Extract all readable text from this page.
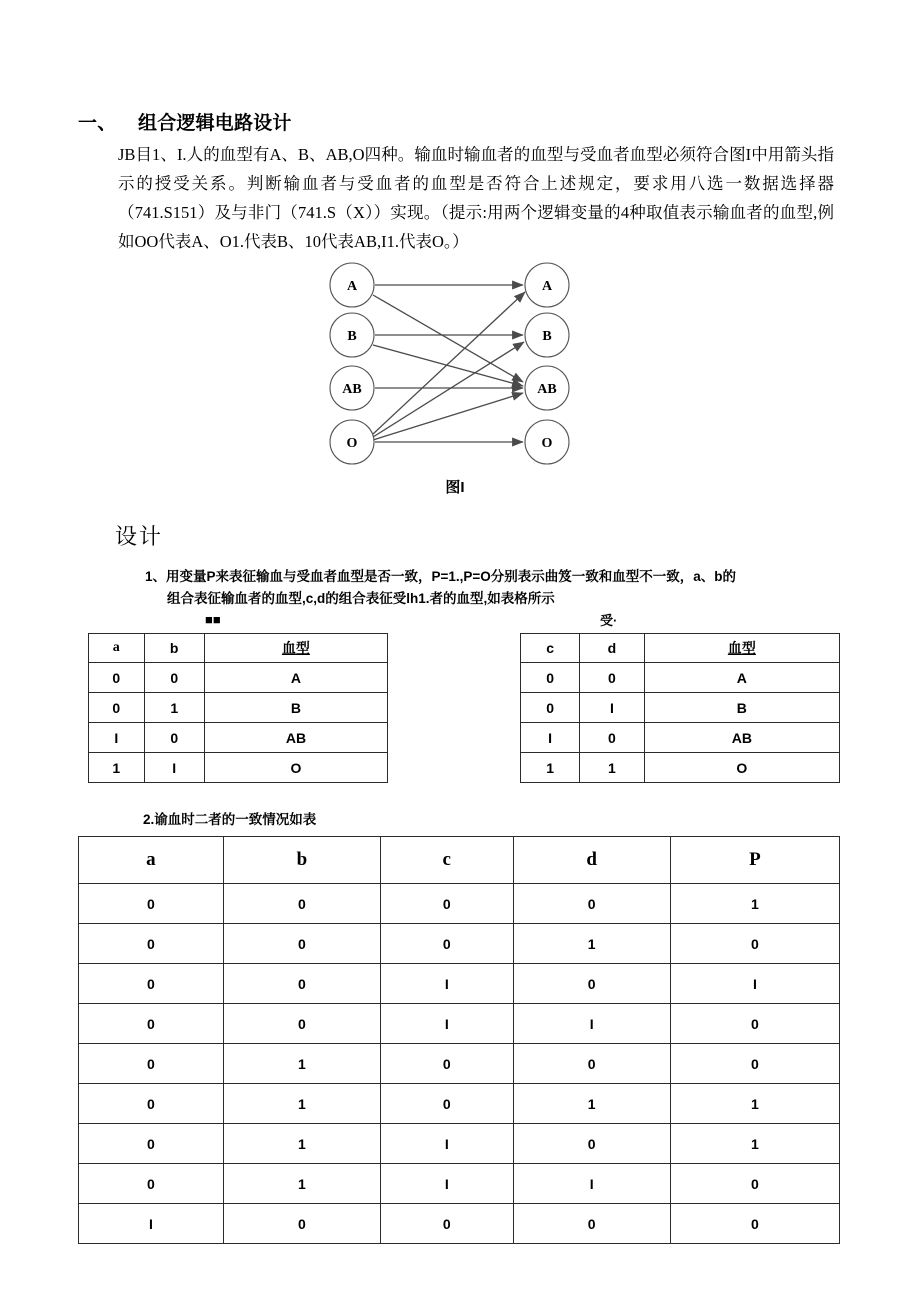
一、 组合逻辑电路设计
JB目1、I.人的血型有A、B、AB,O四种。输血时输血者的血型与受血者血型必须符合图I中用箭头指示的授受关系。判断输血者与受血者的血型是否符合上述规定，要求用八选一数据选择器（741.S151）及与非门（741.S（X））实现。（提示:用两个逻辑变量的4种取值表示输血者的血型,例如OO代表A、O1.代表B、10代表AB,I1.代表O。）
A
B
AB
O
A
B
AB
O
图I
设计
1、用变量P来表征输血与受血者血型是否一致，P=1.,P=O分别表示曲笈一致和血型不一致，a、b的
组合表征输血者的血型,c,d的组合表征受lh1.者的血型,如表格所示
■■
a	b	血型
0	0	A
0	1	B
I	0	AB
1	I	O
受·
c	d	血型
0	0	A
0	I	B
I	0	AB
1	1	O
2.谕血时二者的一致情况如表
a	b	c	d	P
0	0	0	0	1
0	0	0	1	0
0	0	I	0	I
0	0	I	I	0
0	1	0	0	0
0	1	0	1	1
0	1	I	0	1
0	1	I	I	0
I	0	0	0	0
